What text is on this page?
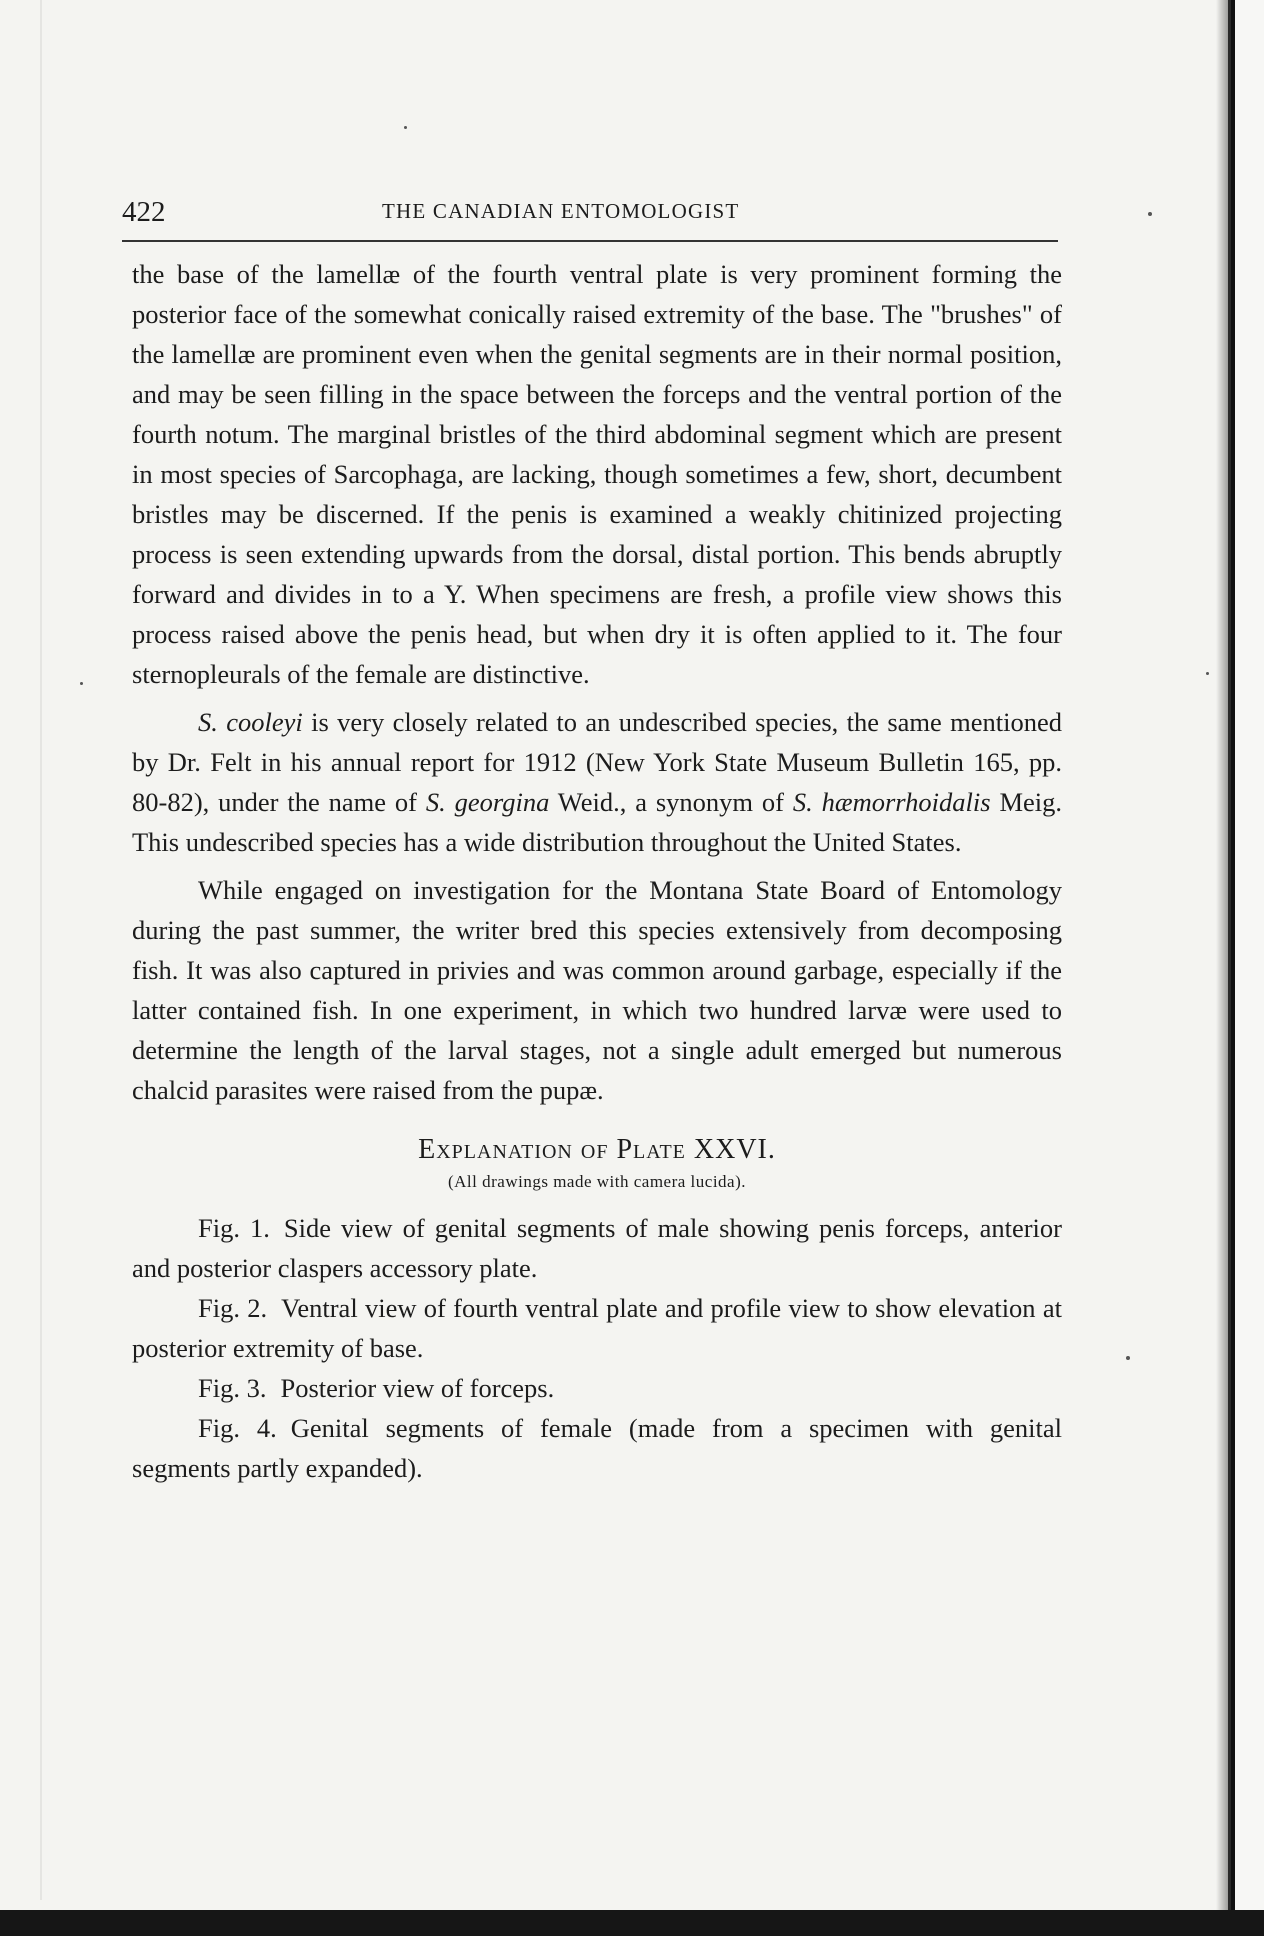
422	THE CANADIAN ENTOMOLOGIST

the base of the lamellæ of the fourth ventral plate is very prominent forming the posterior face of the somewhat conically raised extremity of the base. The "brushes" of the lamellæ are prominent even when the genital segments are in their normal position, and may be seen filling in the space between the forceps and the ventral portion of the fourth notum. The marginal bristles of the third abdominal segment which are present in most species of Sarcophaga, are lacking, though sometimes a few, short, decumbent bristles may be discerned. If the penis is examined a weakly chitinized projecting process is seen extending upwards from the dorsal, distal portion. This bends abruptly forward and divides in to a Y. When specimens are fresh, a profile view shows this process raised above the penis head, but when dry it is often applied to it. The four sternopleurals of the female are distinctive.

S. cooleyi is very closely related to an undescribed species, the same mentioned by Dr. Felt in his annual report for 1912 (New York State Museum Bulletin 165, pp. 80-82), under the name of S. georgina Weid., a synonym of S. hæmorrhoidalis Meig. This undescribed species has a wide distribution throughout the United States.

While engaged on investigation for the Montana State Board of Entomology during the past summer, the writer bred this species extensively from decomposing fish. It was also captured in privies and was common around garbage, especially if the latter contained fish. In one experiment, in which two hundred larvæ were used to determine the length of the larval stages, not a single adult emerged but numerous chalcid parasites were raised from the pupæ.

Explanation of Plate XXVI.
(All drawings made with camera lucida).

Fig. 1. Side view of genital segments of male showing penis forceps, anterior and posterior claspers accessory plate.

Fig. 2. Ventral view of fourth ventral plate and profile view to show elevation at posterior extremity of base.

Fig. 3. Posterior view of forceps.

Fig. 4. Genital segments of female (made from a specimen with genital segments partly expanded).
